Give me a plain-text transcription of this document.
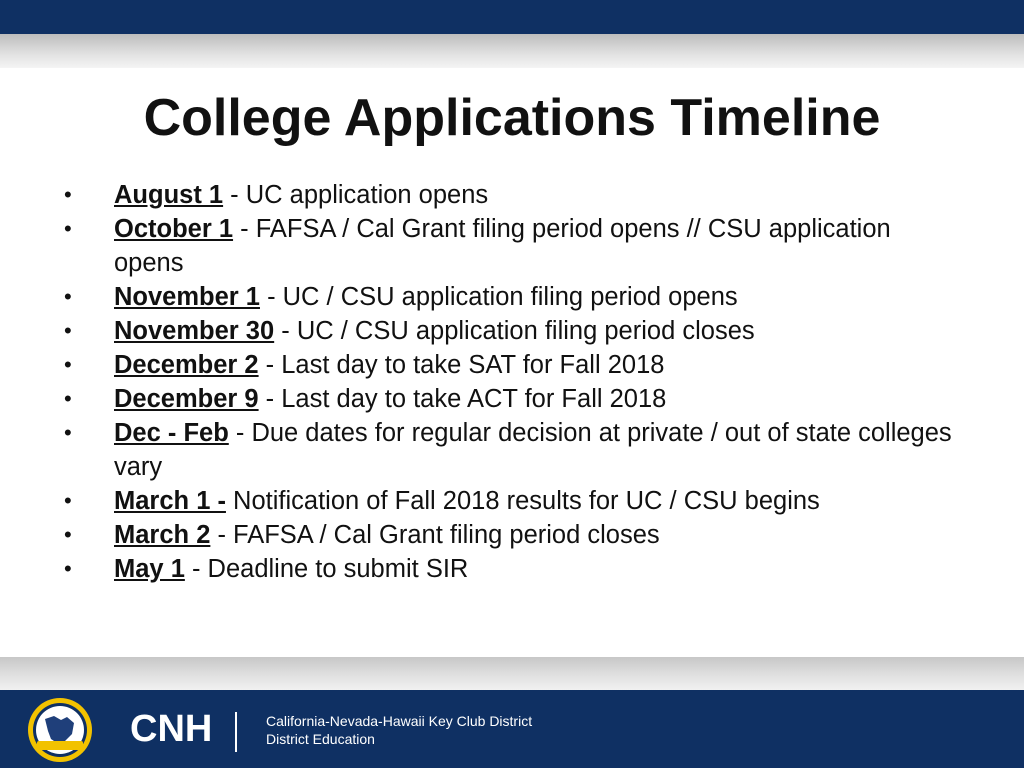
College Applications Timeline
• August 1 - UC application opens
• October 1 - FAFSA / Cal Grant filing period opens // CSU application opens
• November 1 - UC / CSU application filing period opens
• November 30 - UC / CSU application filing period closes
• December 2 - Last day to take SAT for Fall 2018
• December 9 - Last day to take ACT for Fall 2018
• Dec - Feb - Due dates for regular decision at private / out of state colleges vary
• March 1 - Notification of Fall 2018 results for UC / CSU begins
• March 2 - FAFSA / Cal Grant filing period closes
• May 1 - Deadline to submit SIR
CNH	California-Nevada-Hawaii Key Club District
District Education
